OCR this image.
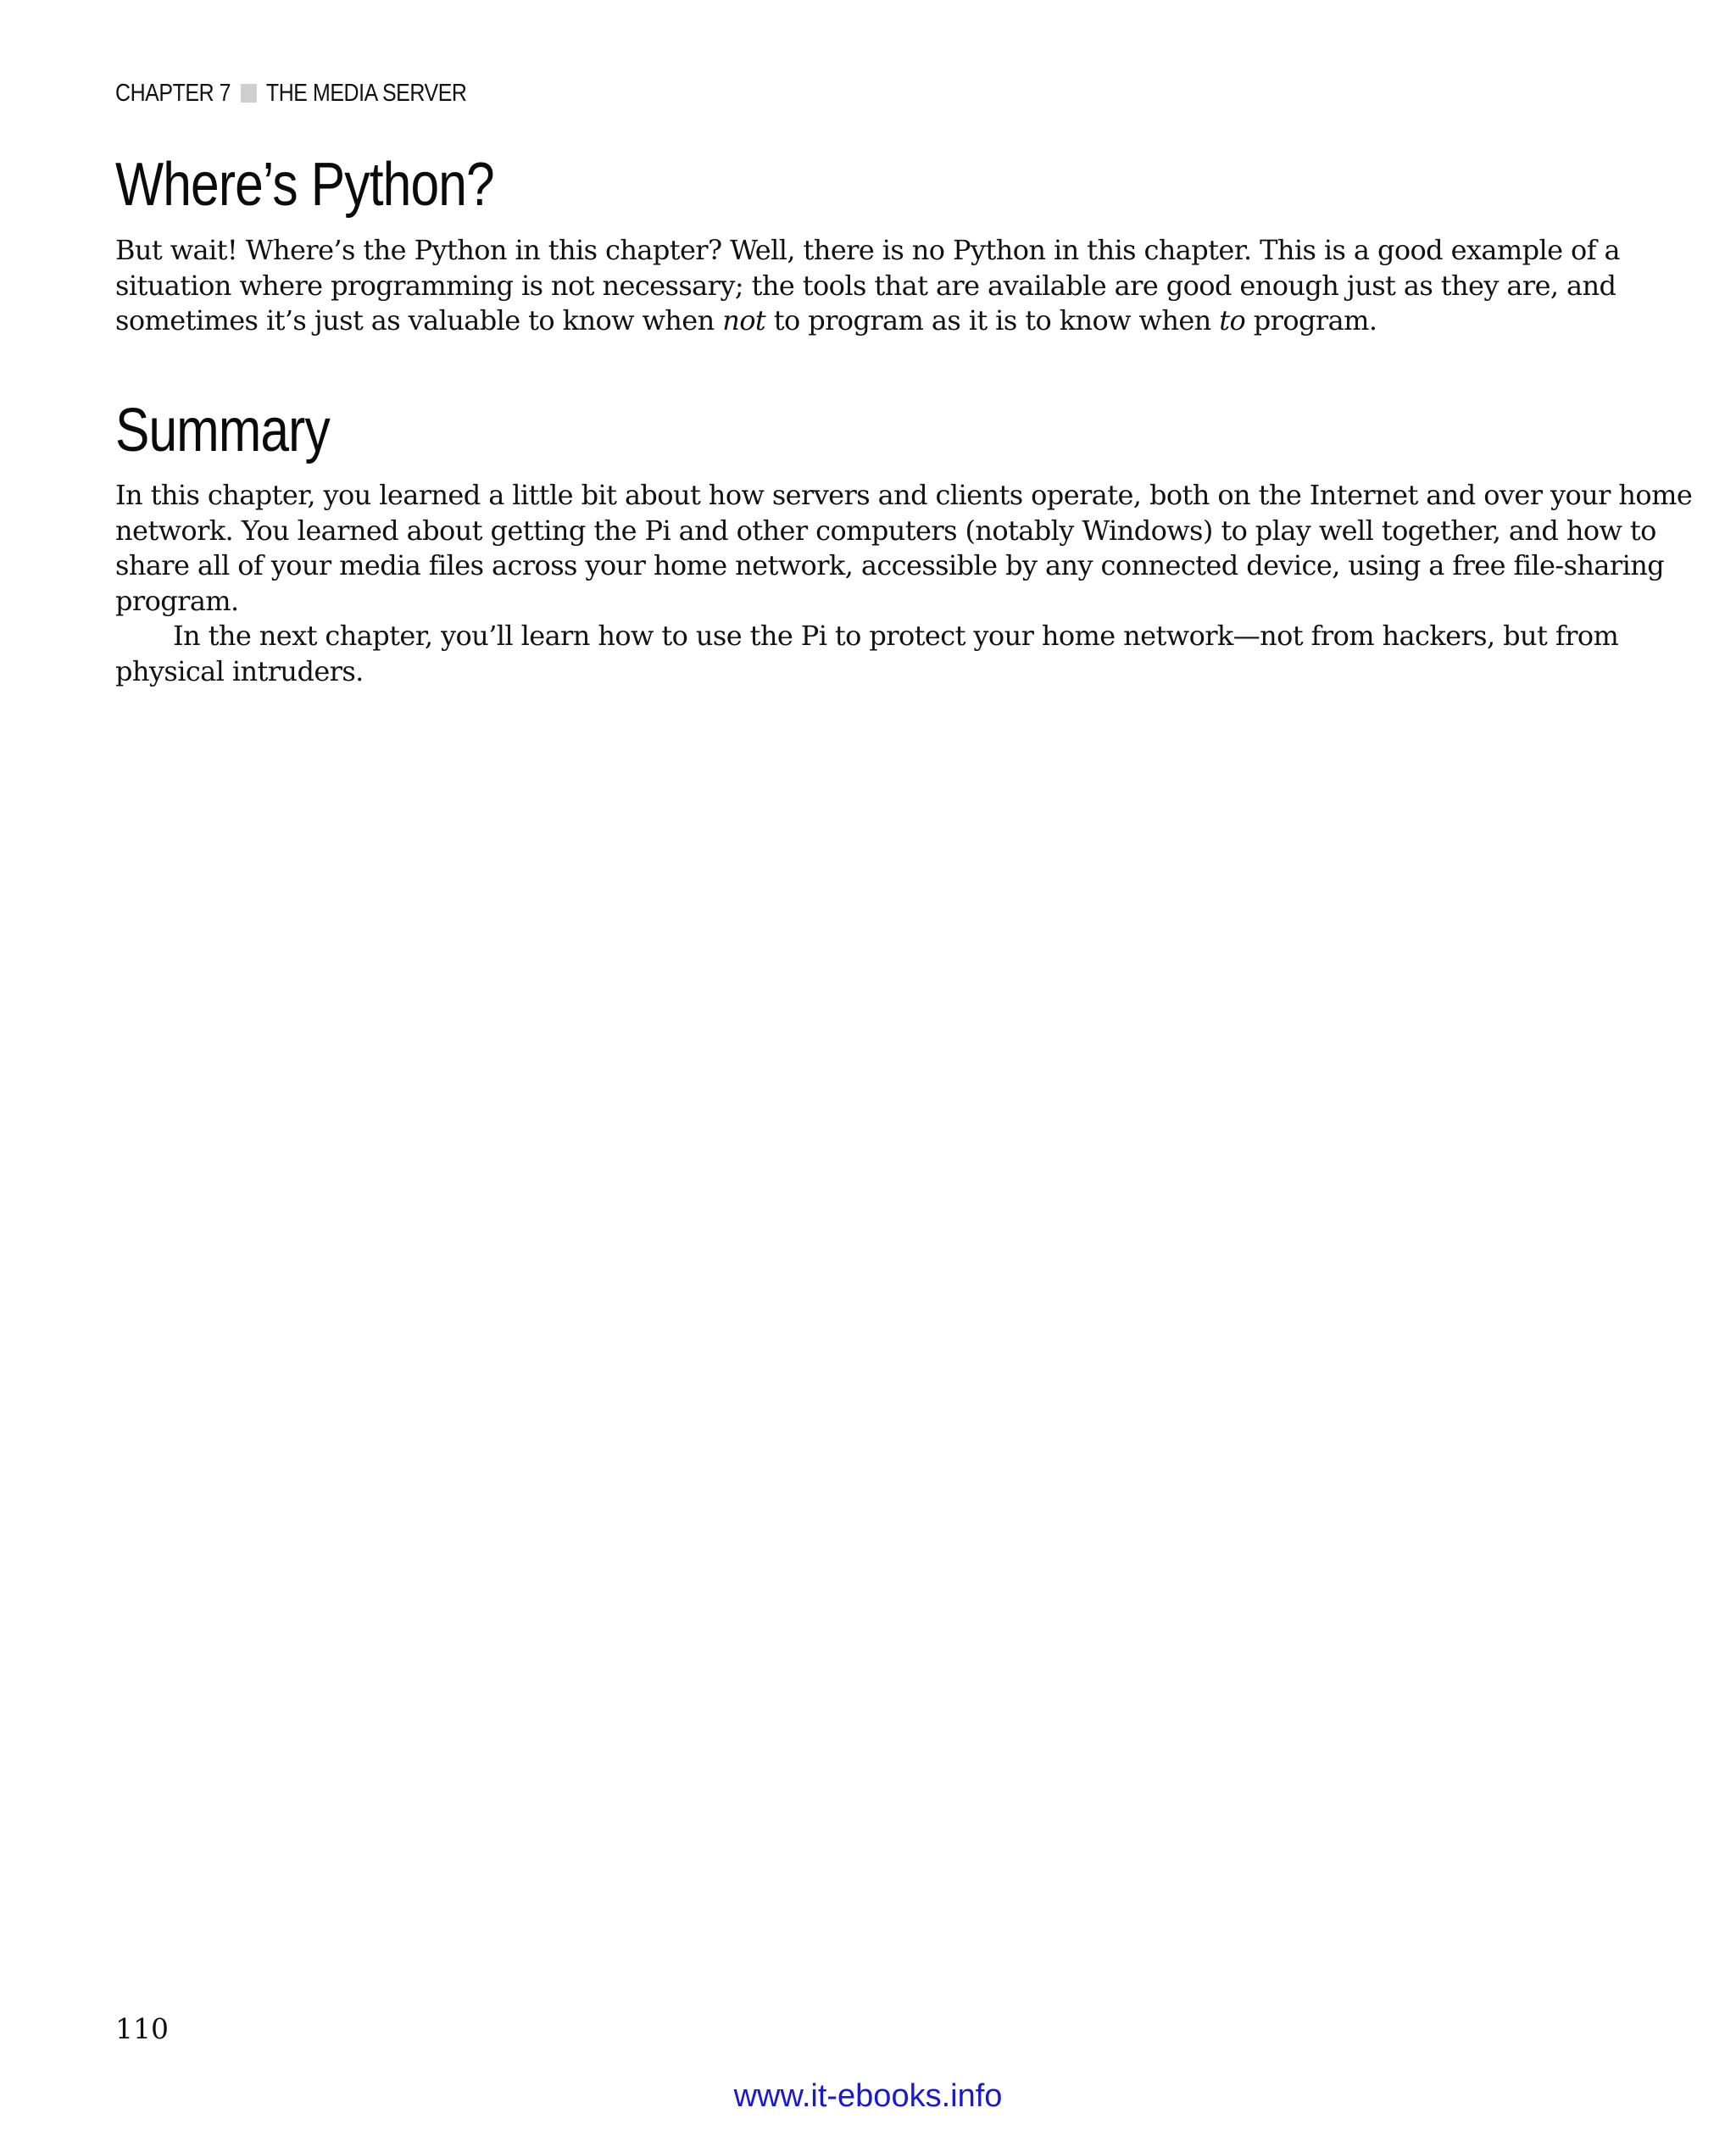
CHAPTER 7 THE MEDIA SERVER
Where’s Python?
But wait! Where’s the Python in this chapter? Well, there is no Python in this chapter. This is a good example of a
situation where programming is not necessary; the tools that are available are good enough just as they are, and
sometimes it’s just as valuable to know when not to program as it is to know when to program.
Summary
In this chapter, you learned a little bit about how servers and clients operate, both on the Internet and over your home
network. You learned about getting the Pi and other computers (notably Windows) to play well together, and how to
share all of your media files across your home network, accessible by any connected device, using a free file-sharing
program.
In the next chapter, you’ll learn how to use the Pi to protect your home network—not from hackers, but from
physical intruders.
110
www.it-ebooks.info
